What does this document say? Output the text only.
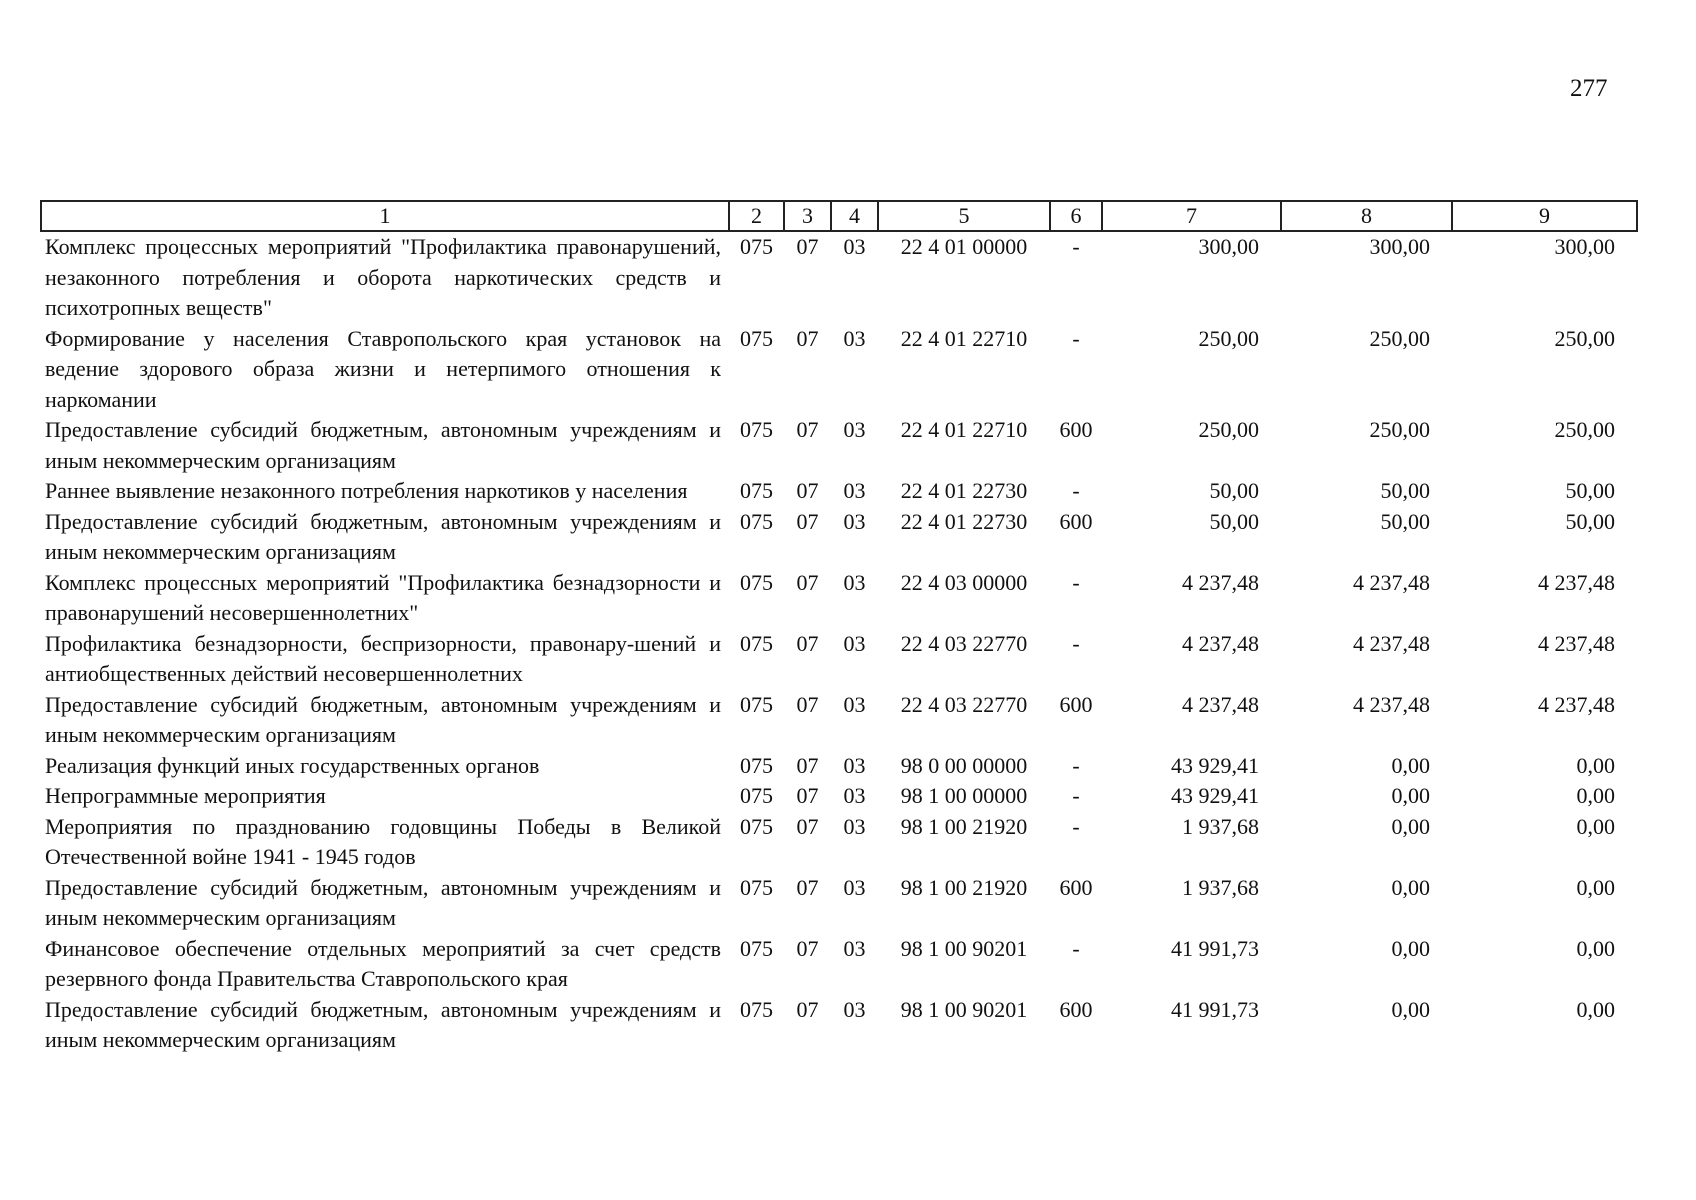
277
1	2	3	4	5	6	7	8	9
Комплекс процессных мероприятий "Профилактика правонарушений, незаконного потребления и оборота наркотических средств и психотропных веществ"	075	07	03	22 4 01 00000	-	300,00	300,00	300,00
Формирование у населения Ставропольского края установок на ведение здорового образа жизни и нетерпимого отношения к наркомании	075	07	03	22 4 01 22710	-	250,00	250,00	250,00
Предоставление субсидий бюджетным, автономным учреждениям и иным некоммерческим организациям	075	07	03	22 4 01 22710	600	250,00	250,00	250,00
Раннее выявление незаконного потребления наркотиков у населения	075	07	03	22 4 01 22730	-	50,00	50,00	50,00
Предоставление субсидий бюджетным, автономным учреждениям и иным некоммерческим организациям	075	07	03	22 4 01 22730	600	50,00	50,00	50,00
Комплекс процессных мероприятий "Профилактика безнадзорности и правонарушений несовершеннолетних"	075	07	03	22 4 03 00000	-	4 237,48	4 237,48	4 237,48
Профилактика безнадзорности, беспризорности, правонару-шений и антиобщественных действий несовершеннолетних	075	07	03	22 4 03 22770	-	4 237,48	4 237,48	4 237,48
Предоставление субсидий бюджетным, автономным учреждениям и иным некоммерческим организациям	075	07	03	22 4 03 22770	600	4 237,48	4 237,48	4 237,48
Реализация функций иных государственных органов	075	07	03	98 0 00 00000	-	43 929,41	0,00	0,00
Непрограммные мероприятия	075	07	03	98 1 00 00000	-	43 929,41	0,00	0,00
Мероприятия по празднованию годовщины Победы в Великой Отечественной войне 1941 - 1945 годов	075	07	03	98 1 00 21920	-	1 937,68	0,00	0,00
Предоставление субсидий бюджетным, автономным учреждениям и иным некоммерческим организациям	075	07	03	98 1 00 21920	600	1 937,68	0,00	0,00
Финансовое обеспечение отдельных мероприятий за счет средств резервного фонда Правительства Ставропольского края	075	07	03	98 1 00 90201	-	41 991,73	0,00	0,00
Предоставление субсидий бюджетным, автономным учреждениям и иным некоммерческим организациям	075	07	03	98 1 00 90201	600	41 991,73	0,00	0,00
